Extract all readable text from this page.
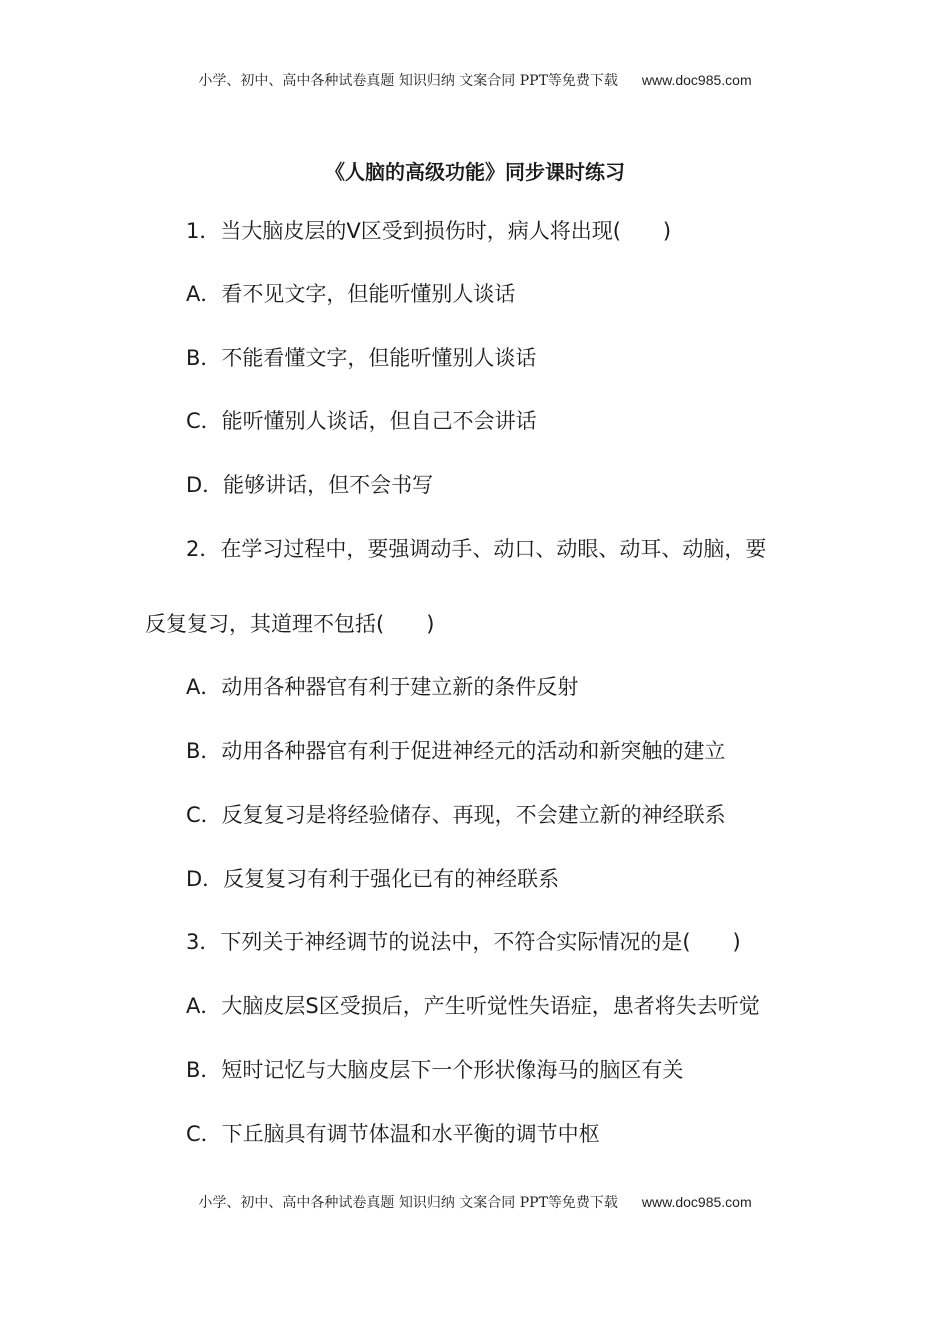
小学、初中、高中各种试卷真题 知识归纳 文案合同 PPT等免费下载 www.doc985.com
《人脑的高级功能》同步课时练习
1．当大脑皮层的V区受到损伤时，病人将出现(　　)
A．看不见文字，但能听懂别人谈话
B．不能看懂文字，但能听懂别人谈话
C．能听懂别人谈话，但自己不会讲话
D．能够讲话，但不会书写
2．在学习过程中，要强调动手、动口、动眼、动耳、动脑，要
反复复习，其道理不包括(　　)
A．动用各种器官有利于建立新的条件反射
B．动用各种器官有利于促进神经元的活动和新突触的建立
C．反复复习是将经验储存、再现，不会建立新的神经联系
D．反复复习有利于强化已有的神经联系
3．下列关于神经调节的说法中，不符合实际情况的是(　　)
A．大脑皮层S区受损后，产生听觉性失语症，患者将失去听觉
B．短时记忆与大脑皮层下一个形状像海马的脑区有关
C．下丘脑具有调节体温和水平衡的调节中枢
小学、初中、高中各种试卷真题 知识归纳 文案合同 PPT等免费下载 www.doc985.com
